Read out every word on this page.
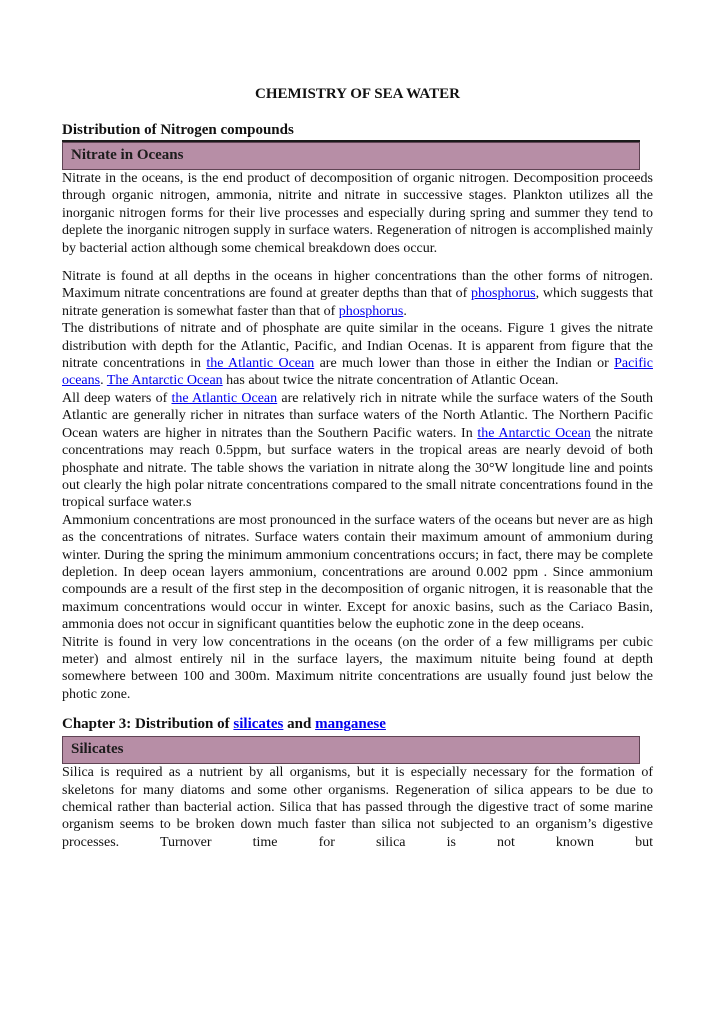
CHEMISTRY OF SEA WATER
Distribution of Nitrogen compounds
Nitrate in Oceans

Nitrate in the oceans, is the end product of decomposition of organic nitrogen. Decomposition proceeds through organic nitrogen, ammonia, nitrite and nitrate in successive stages. Plankton utilizes all the inorganic nitrogen forms for their live processes and especially during spring and summer they tend to deplete the inorganic nitrogen supply in surface waters. Regeneration of nitrogen is accomplished mainly by bacterial action although some chemical breakdown does occur.

Nitrate is found at all depths in the oceans in higher concentrations than the other forms of nitrogen. Maximum nitrate concentrations are found at greater depths than that of phosphorus, which suggests that nitrate generation is somewhat faster than that of phosphorus.

The distributions of nitrate and of phosphate are quite similar in the oceans. Figure 1 gives the nitrate distribution with depth for the Atlantic, Pacific, and Indian Ocenas. It is apparent from figure that the nitrate concentrations in the Atlantic Ocean are much lower than those in either the Indian or Pacific oceans. The Antarctic Ocean has about twice the nitrate concentration of Atlantic Ocean.

All deep waters of the Atlantic Ocean are relatively rich in nitrate while the surface waters of the South Atlantic are generally richer in nitrates than surface waters of the North Atlantic. The Northern Pacific Ocean waters are higher in nitrates than the Southern Pacific waters. In the Antarctic Ocean the nitrate concentrations may reach 0.5ppm, but surface waters in the tropical areas are nearly devoid of both phosphate and nitrate. The table shows the variation in nitrate along the 30°W longitude line and points out clearly the high polar nitrate concentrations compared to the small nitrate concentrations found in the tropical surface water.s

Ammonium concentrations are most pronounced in the surface waters of the oceans but never are as high as the concentrations of nitrates. Surface waters contain their maximum amount of ammonium during winter. During the spring the minimum ammonium concentrations occurs; in fact, there may be complete depletion. In deep ocean layers ammonium, concentrations are around 0.002 ppm . Since ammonium compounds are a result of the first step in the decomposition of organic nitrogen, it is reasonable that the maximum concentrations would occur in winter. Except for anoxic basins, such as the Cariaco Basin, ammonia does not occur in significant quantities below the euphotic zone in the deep oceans.

Nitrite is found in very low concentrations in the oceans (on the order of a few milligrams per cubic meter) and almost entirely nil in the surface layers, the maximum nituite being found at depth somewhere between 100 and 300m. Maximum nitrite concentrations are usually found just below the photic zone.

Chapter 3: Distribution of silicates and manganese
Silicates

Silica is required as a nutrient by all organisms, but it is especially necessary for the formation of skeletons for many diatoms and some other organisms. Regeneration of silica appears to be due to chemical rather than bacterial action. Silica that has passed through the digestive tract of some marine organism seems to be broken down much faster than silica not subjected to an organism’s digestive processes. Turnover time for silica is not known but
